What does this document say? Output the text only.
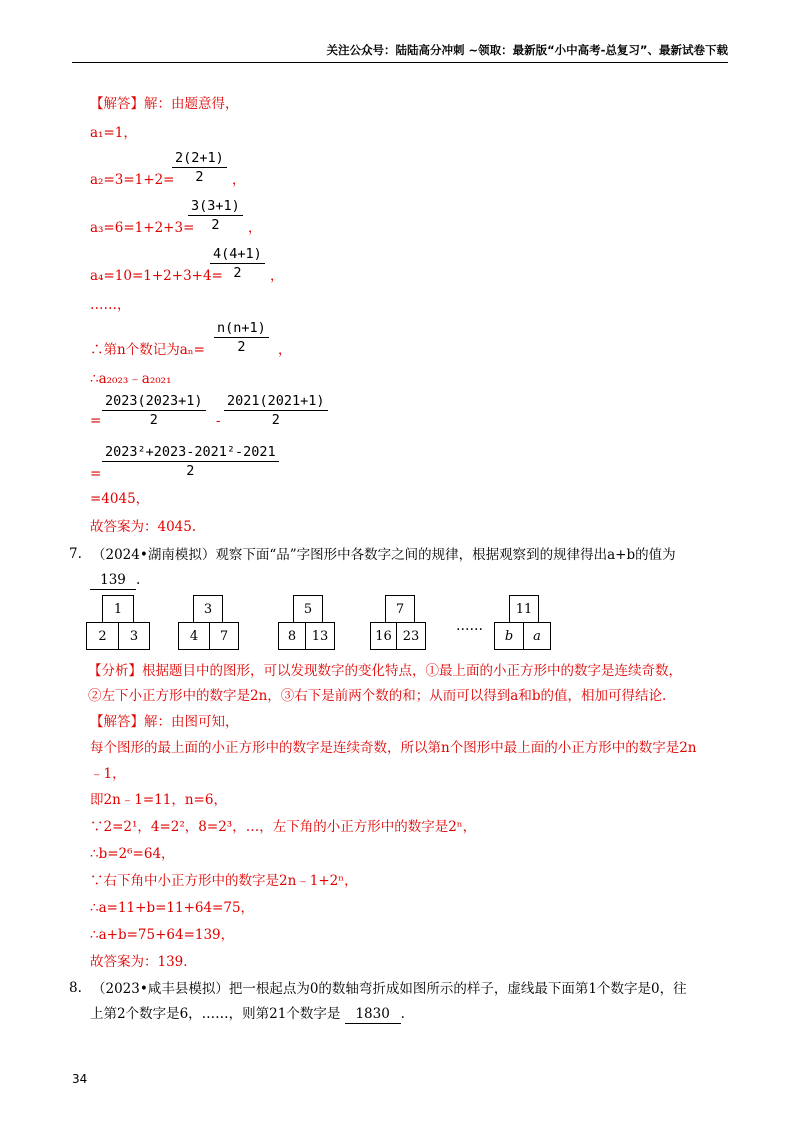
关注公众号：陆陆高分冲刺 ~领取：最新版“小中高考-总复习”、最新试卷下载
【解答】解：由题意得，
a₁=1，
a₂=3=1+2=
$\frac{2(2+1)}{2}$ ，
a₃=6=1+2+3=
$\frac{3(3+1)}{2}$ ，
a₄=10=1+2+3+4=
$\frac{4(4+1)}{2}$ ，
……，
∴第n个数记为$a_n= \frac{n(n+1)}{2}$ ，
∴a₂₀₂₃﹣a₂₀₂₁
= $\frac{2023(2023+1)}{2} - \frac{2021(2021+1)}{2}$
= $\frac{\text{2023²+2023-2021²-2021}}{2}$
=4045，
故答案为：4045.
7. （2024•湖南模拟）观察下面“品”字图形中各数字之间的规律，根据观察到的规律得出a+b的值为
139 .
1
2	3
3
4	7
5
8	13
7
16 23
……
11
b	a
【分析】根据题目中的图形，可以发现数字的变化特点，①最上面的小正方形中的数字是连续奇数，
②左下小正方形中的数字是2n，③右下是前两个数的和；从而可以得到a和b的值，相加可得结论.
【解答】解：由图可知，
每个图形的最上面的小正方形中的数字是连续奇数，所以第n个图形中最上面的小正方形中的数字是2n
﹣1，
即2n﹣1=11，n=6，
∵2=2¹，4=2²，8=2³，…，左下角的小正方形中的数字是2ⁿ，
∴b=2⁶=64，
∵右下角中小正方形中的数字是2n﹣1+2ⁿ，
∴a=11+b=11+64=75，
∴a+b=75+64=139，
故答案为：139.
8. （2023•咸丰县模拟）把一根起点为0的数轴弯折成如图所示的样子，虚线最下面第1个数字是0，往
上第2个数字是6，……，则第21个数字是 1830 .
34
